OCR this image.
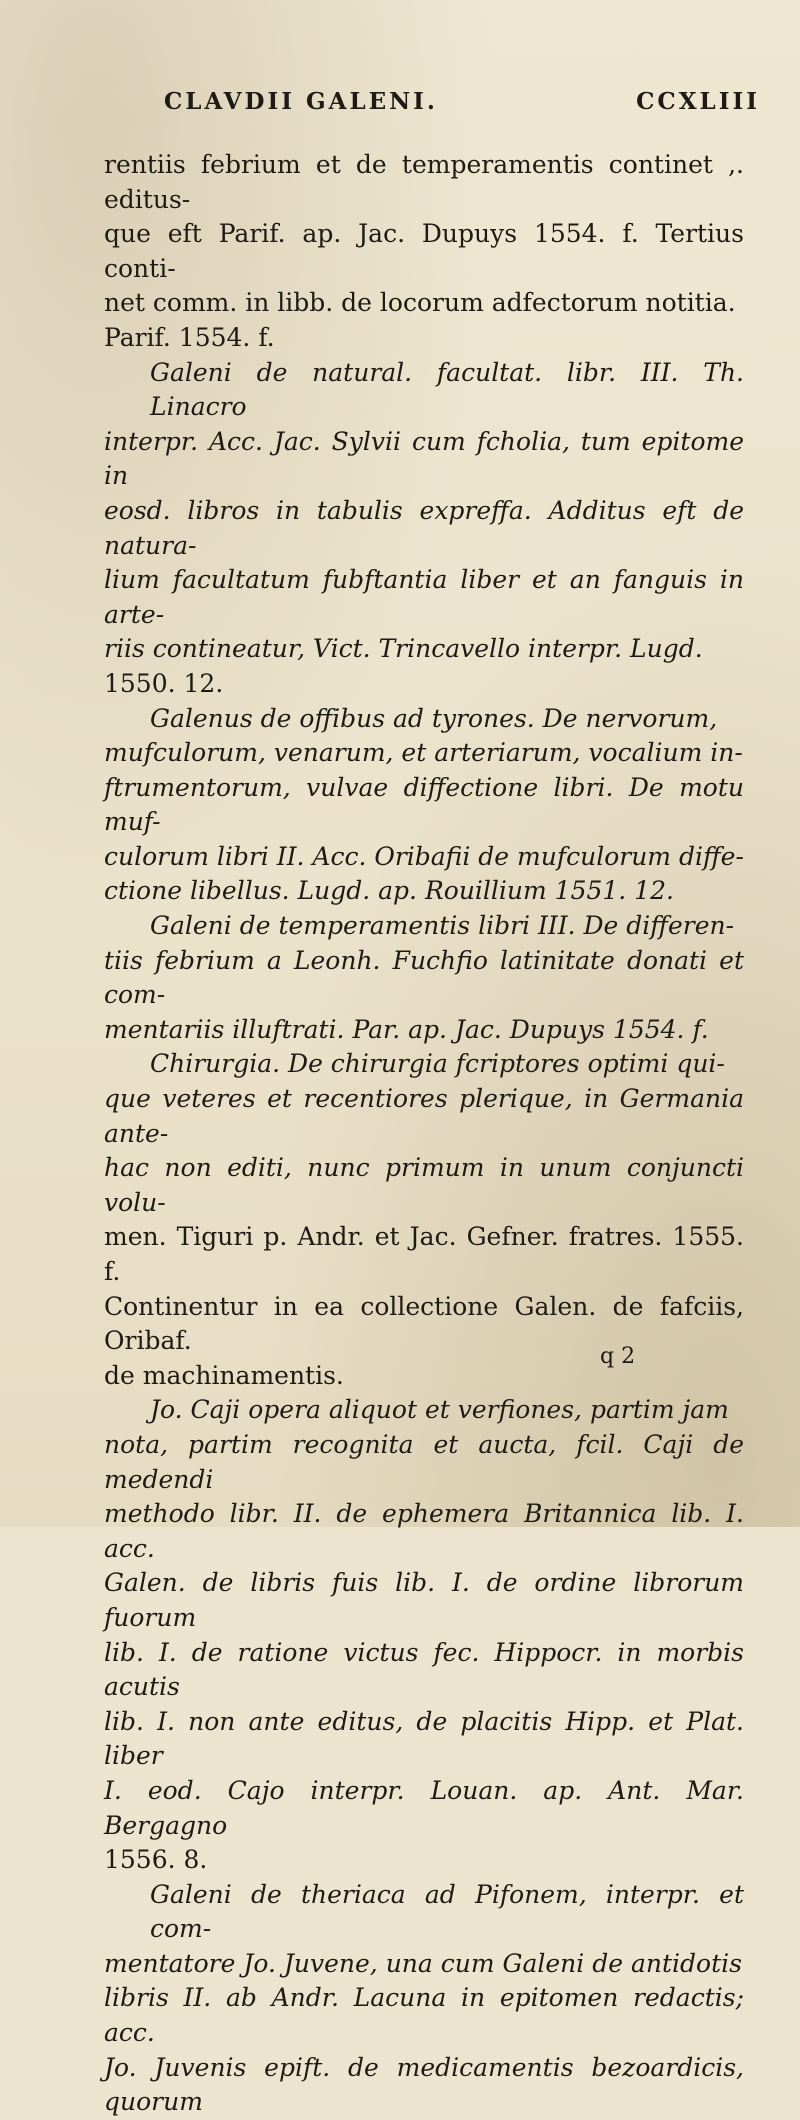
CLAVDII GALENI.	CCXLIII
rentiis febrium et de temperamentis continet ,. editus-
que eft Parif. ap. Jac. Dupuys 1554. f. Tertius conti-
net comm. in libb. de locorum adfectorum notitia.
Parif. 1554. f.
Galeni de natural. facultat. libr. III. Th. Linacro
interpr. Acc. Jac. Sylvii cum fcholia, tum epitome in
eosd. libros in tabulis expreffa. Additus eft de natura-
lium facultatum fubftantia liber et an fanguis in arte-
riis contineatur, Vict. Trincavello interpr. Lugd.
1550. 12.
Galenus de offibus ad tyrones. De nervorum,
mufculorum, venarum, et arteriarum, vocalium in-
ftrumentorum, vulvae diffectione libri. De motu muf-
culorum libri II. Acc. Oribafii de mufculorum diffe-
ctione libellus. Lugd. ap. Rouillium 1551. 12.
Galeni de temperamentis libri III. De differen-
tiis febrium a Leonh. Fuchfio latinitate donati et com-
mentariis illuftrati. Par. ap. Jac. Dupuys 1554. f.
Chirurgia. De chirurgia fcriptores optimi qui-
que veteres et recentiores plerique, in Germania ante-
hac non editi, nunc primum in unum conjuncti volu-
men. Tiguri p. Andr. et Jac. Gefner. fratres. 1555. f.
Continentur in ea collectione Galen. de fafciis, Oribaf.
de machinamentis.
Jo. Caji opera aliquot et verfiones, partim jam
nota, partim recognita et aucta, fcil. Caji de medendi
methodo libr. II. de ephemera Britannica lib. I. acc.
Galen. de libris fuis lib. I. de ordine librorum fuorum
lib. I. de ratione victus fec. Hippocr. in morbis acutis
lib. I. non ante editus, de placitis Hipp. et Plat. liber
I. eod. Cajo interpr. Louan. ap. Ant. Mar. Bergagno
1556. 8.
Galeni de theriaca ad Pifonem, interpr. et com-
mentatore Jo. Juvene, una cum Galeni de antidotis
libris II. ab Andr. Lacuna in epitomen redactis; acc.
Jo. Juvenis epift. de medicamentis bezoardicis, quorum
q 2
